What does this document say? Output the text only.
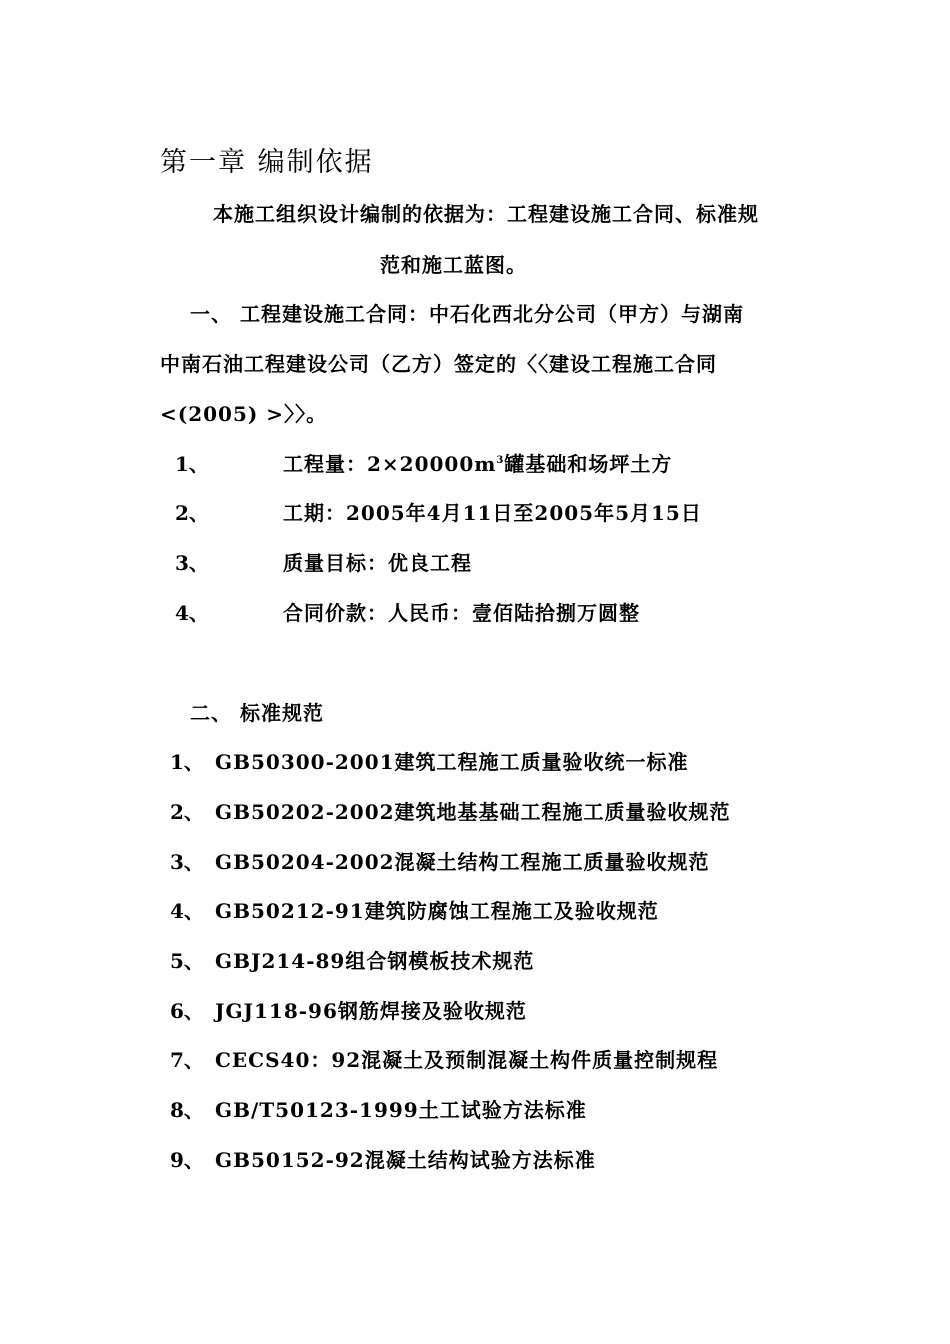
第一章 编制依据
本施工组织设计编制的依据为：工程建设施工合同、标准规
范和施工蓝图。
一、 工程建设施工合同：中石化西北分公司（甲方）与湖南
中南石油工程建设公司（乙方）签定的〈〈建设工程施工合同
<(2005) >〉〉。
1、	工程量：$2\times 20000m^3$罐基础和场坪土方
2、	工期：2005年4月11日至2005年5月15日
3、	质量目标：优良工程
4、	合同价款：人民币：壹佰陆拾捌万圆整
二、 标准规范
1、 GB50300-2001建筑工程施工质量验收统一标准
2、 GB50202-2002建筑地基基础工程施工质量验收规范
3、 GB50204-2002混凝土结构工程施工质量验收规范
4、 GB50212-91建筑防腐蚀工程施工及验收规范
5、 GBJ214-89组合钢模板技术规范
6、 JGJ118-96钢筋焊接及验收规范
7、 CECS40：92混凝土及预制混凝土构件质量控制规程
8、 GB/T50123-1999土工试验方法标准
9、 GB50152-92混凝土结构试验方法标准
